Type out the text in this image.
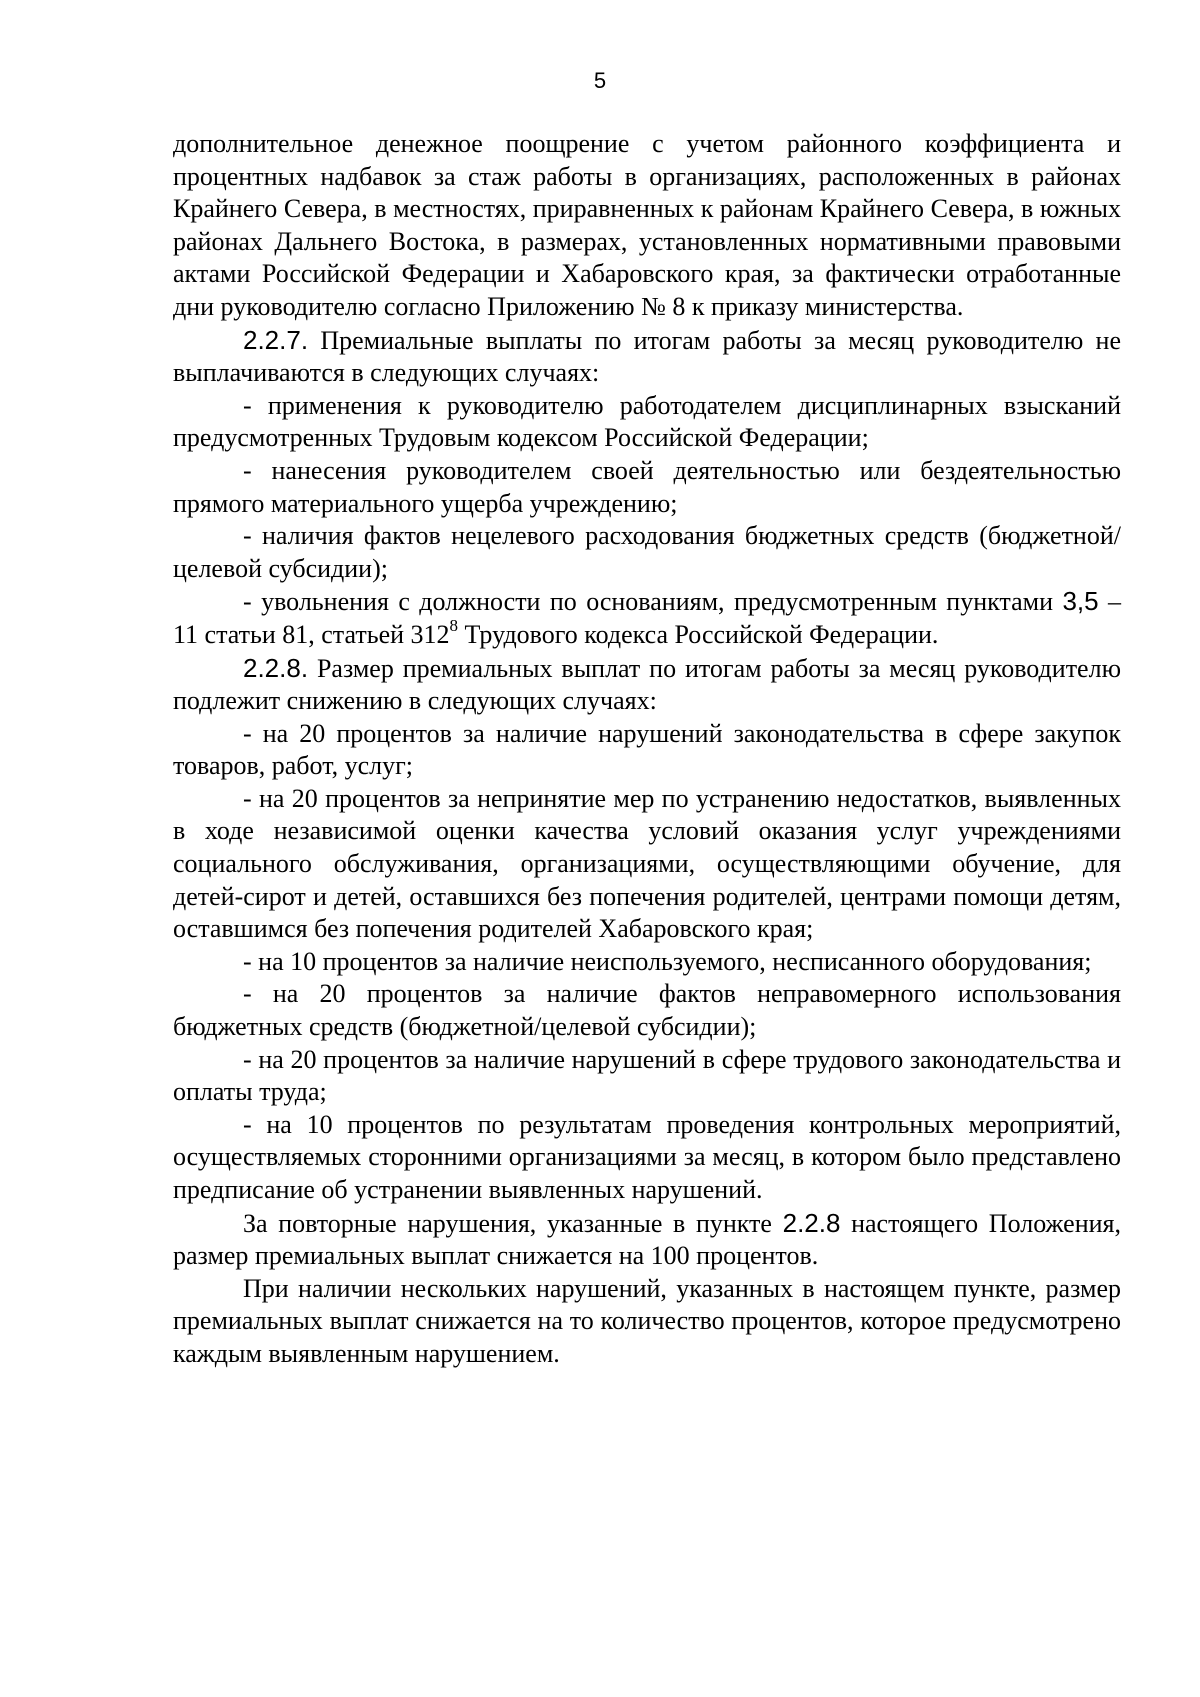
5

дополнительное денежное поощрение с учетом районного коэффициента и процентных надбавок за стаж работы в организациях, расположенных в районах Крайнего Севера, в местностях, приравненных к районам Крайнего Севера, в южных районах Дальнего Востока, в размерах, установленных нормативными правовыми актами Российской Федерации и Хабаровского края, за фактически отработанные дни руководителю согласно Приложению № 8 к приказу министерства.

2.2.7. Премиальные выплаты по итогам работы за месяц руководителю не выплачиваются в следующих случаях:

- применения к руководителю работодателем дисциплинарных взысканий предусмотренных Трудовым кодексом Российской Федерации;

- нанесения руководителем своей деятельностью или бездеятельностью прямого материального ущерба учреждению;

- наличия фактов нецелевого расходования бюджетных средств (бюджетной/целевой субсидии);

- увольнения с должности по основаниям, предусмотренным пунктами 3,5 – 11 статьи 81, статьей $312^8$ Трудового кодекса Российской Федерации.

2.2.8. Размер премиальных выплат по итогам работы за месяц руководителю подлежит снижению в следующих случаях:

- на 20 процентов за наличие нарушений законодательства в сфере закупок товаров, работ, услуг;

- на 20 процентов за непринятие мер по устранению недостатков, выявленных в ходе независимой оценки качества условий оказания услуг учреждениями социального обслуживания, организациями, осуществляющими обучение, для детей-сирот и детей, оставшихся без попечения родителей, центрами помощи детям, оставшимся без попечения родителей Хабаровского края;

- на 10 процентов за наличие неиспользуемого, несписанного оборудования;

- на 20 процентов за наличие фактов неправомерного использования бюджетных средств (бюджетной/целевой субсидии);

- на 20 процентов за наличие нарушений в сфере трудового законодательства и оплаты труда;

- на 10 процентов по результатам проведения контрольных мероприятий, осуществляемых сторонними организациями за месяц, в котором было представлено предписание об устранении выявленных нарушений.

За повторные нарушения, указанные в пункте 2.2.8 настоящего Положения, размер премиальных выплат снижается на 100 процентов.

При наличии нескольких нарушений, указанных в настоящем пункте, размер премиальных выплат снижается на то количество процентов, которое предусмотрено каждым выявленным нарушением.
